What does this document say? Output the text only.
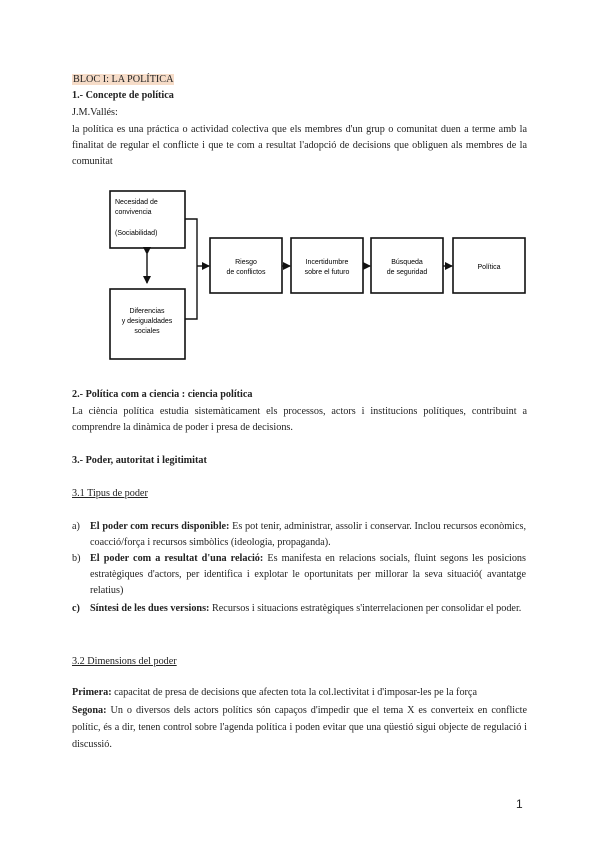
BLOC I: LA POLÍTICA
1.- Concepte de política
J.M.Vallés:
la política es una práctica o actividad colectiva que els membres d'un grup o comunitat duen a terme amb la finalitat de regular el conflicte i que te com a resultat l'adopció de decisions que obliguen als membres de la comunitat
Necesidad de
convivencia
(Sociabilidad)
Diferencias
y desigualdades
sociales
Riesgo
de conflictos
Incertidumbre
sobre el futuro
Búsqueda
de seguridad
Política
2.- Política com a ciencia : ciencia política
La ciència política estudia sistemàticament els processos, actors i institucions polítiques, contribuint a comprendre la dinàmica de poder i presa de decisions.
3.- Poder, autoritat i legitimitat
3.1 Tipus de poder
a) El poder com recurs disponible: Es pot tenir, administrar, assolir i conservar. Inclou recursos econòmics, coacció/força i recursos simbòlics (ideologia, propaganda).
b) El poder com a resultat d'una relació: Es manifesta en relacions socials, fluint segons les posicions estratègiques d'actors, per identifica i explotar le oportunitats per millorar la seva situació( avantatge relatius)
c) Síntesi de les dues versions: Recursos i situacions estratègiques s'interrelacionen per consolidar el poder.
3.2 Dimensions del poder
Primera: capacitat de presa de decisions que afecten tota la col.lectivitat i d'imposar-les pe la força
Segona: Un o diversos dels actors polítics són capaços d'impedir que el tema X es converteix en conflicte polític, és a dir, tenen control sobre l'agenda política i poden evitar que una qüestió sigui objecte de regulació i discussió.
1
